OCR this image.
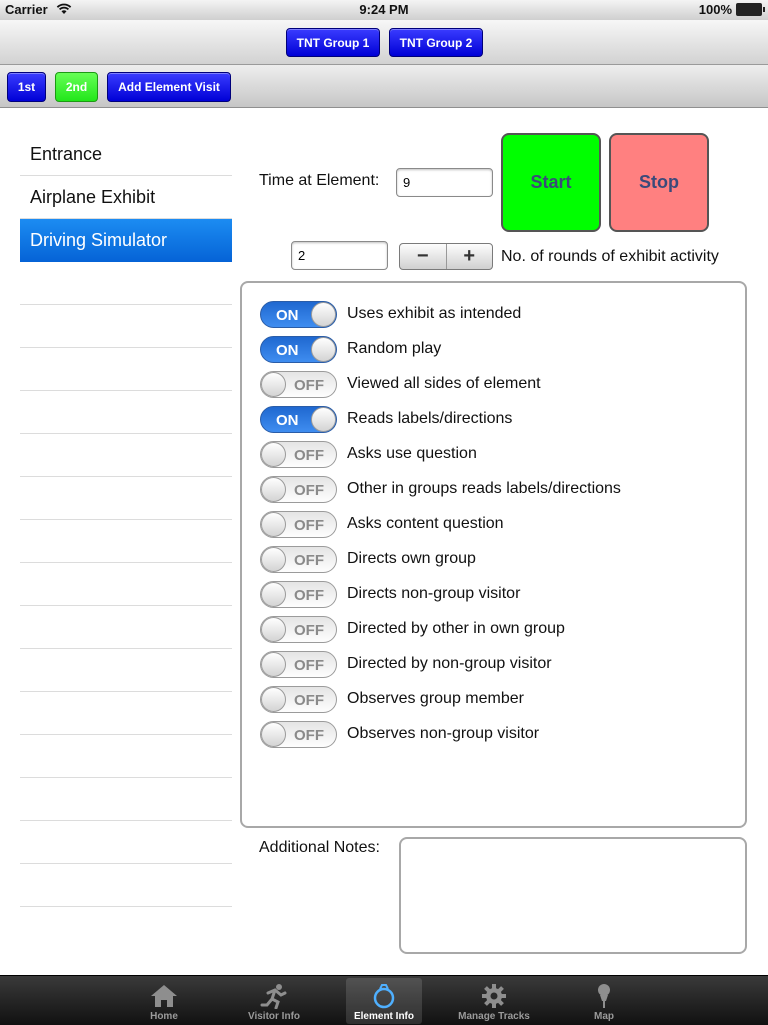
Carrier	9:24 PM	100%
TNT Group 1	TNT Group 2
1st	2nd	Add Element Visit
Entrance
Airplane Exhibit
Driving Simulator
Time at Element:	9	Start	Stop
2	−	+	No. of rounds of exhibit activity
ON	Uses exhibit as intended
ON	Random play
OFF Viewed all sides of element
ON	Reads labels/directions
OFF Asks use question
OFF Other in groups reads labels/directions
OFF Asks content question
OFF Directs own group
OFF Directs non-group visitor
OFF Directed by other in own group
OFF Directed by non-group visitor
OFF Observes group member
OFF Observes non-group visitor
Additional Notes:
Home	Visitor Info	Element Info	Manage Tracks	Map
